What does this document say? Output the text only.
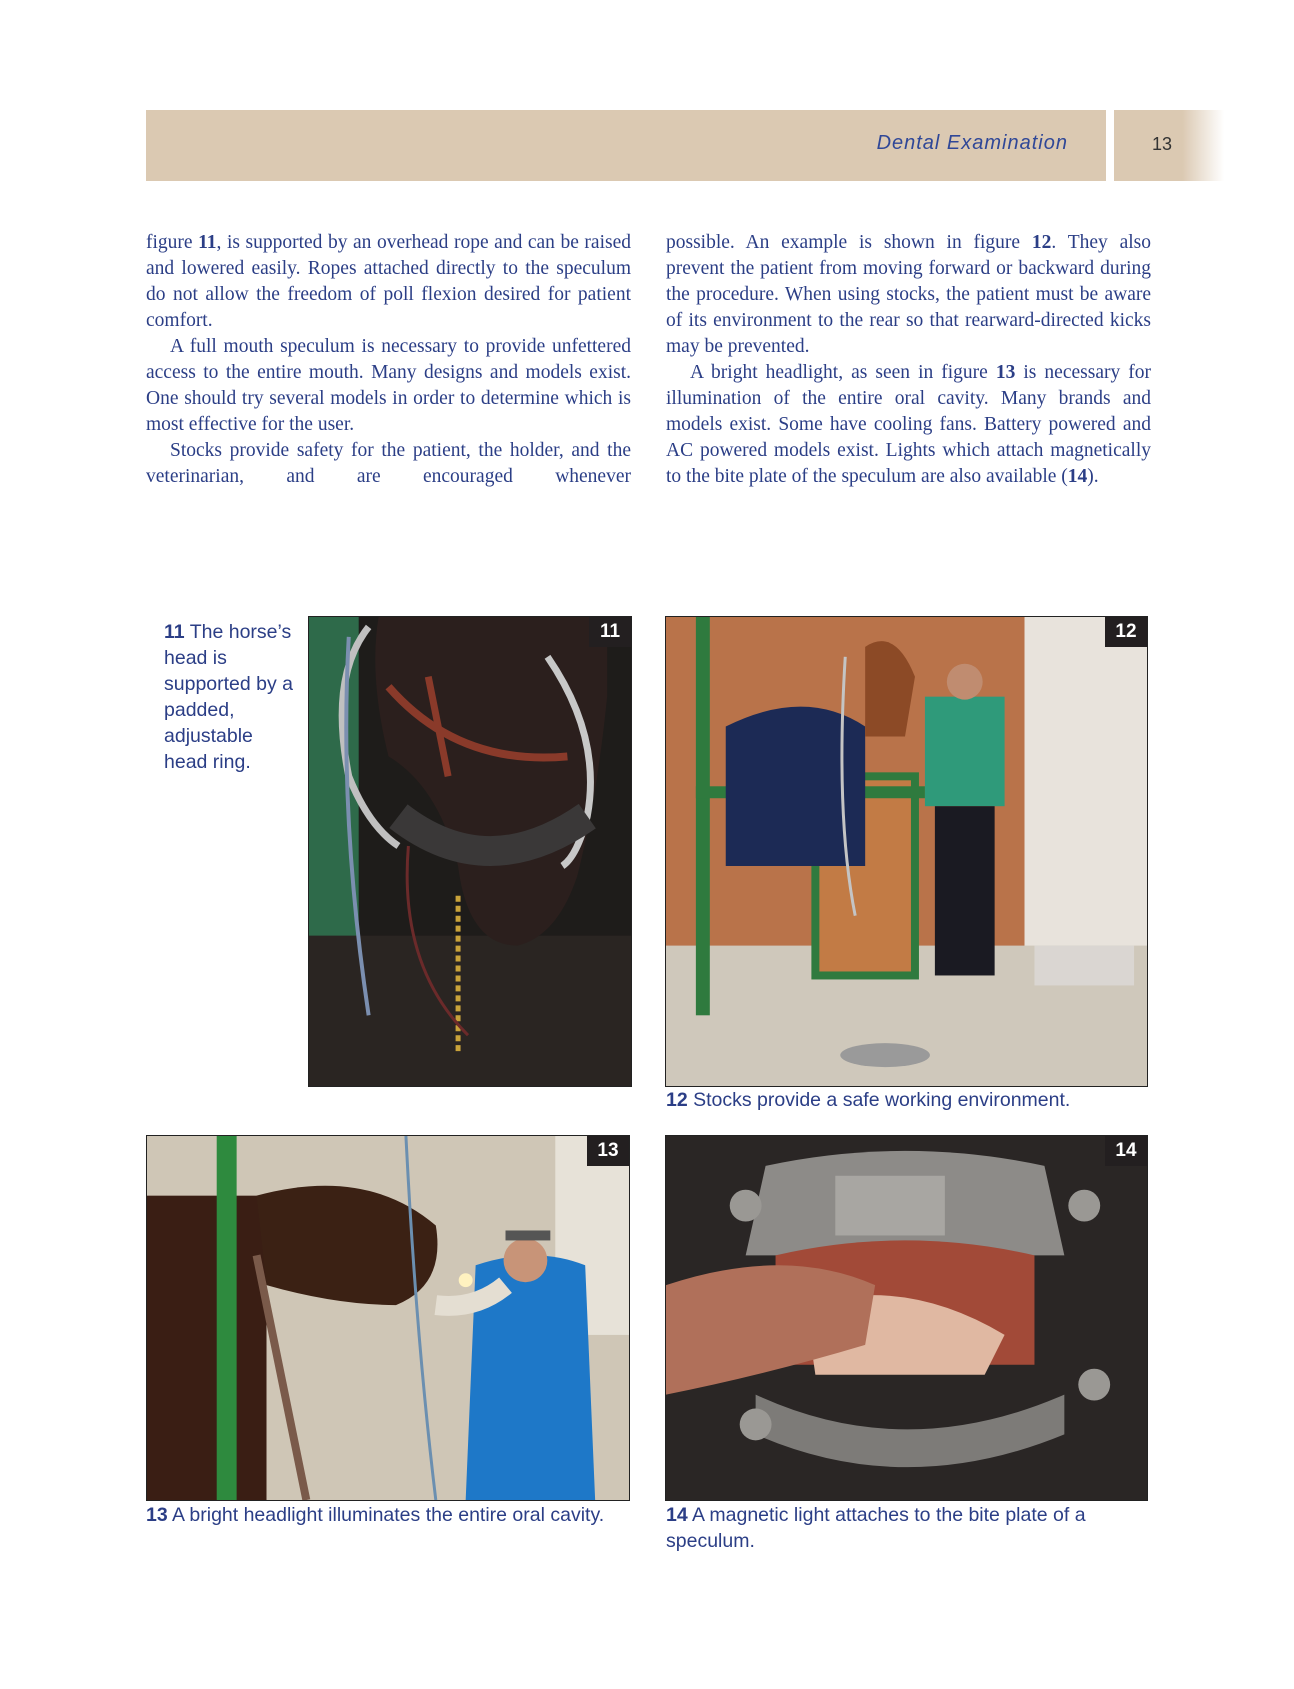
Dental Examination	13

figure 11, is supported by an overhead rope and can be raised and lowered easily. Ropes attached directly to the speculum do not allow the freedom of poll flexion desired for patient comfort.

A full mouth speculum is necessary to provide unfettered access to the entire mouth. Many designs and models exist. One should try several models in order to determine which is most effective for the user.

Stocks provide safety for the patient, the holder, and the veterinarian, and are encouraged whenever

possible. An example is shown in figure 12. They also prevent the patient from moving forward or backward during the procedure. When using stocks, the patient must be aware of its environment to the rear so that rearward-directed kicks may be prevented.

A bright headlight, as seen in figure 13 is necessary for illumination of the entire oral cavity. Many brands and models exist. Some have cooling fans. Battery powered and AC powered models exist. Lights which attach magnetically to the bite plate of the speculum are also available (14).

11 The horse’s head is supported by a padded, adjustable head ring.
11	12
12 Stocks provide a safe working environment.
13
13 A bright headlight illuminates the entire oral cavity.
14
14 A magnetic light attaches to the bite plate of a speculum.
